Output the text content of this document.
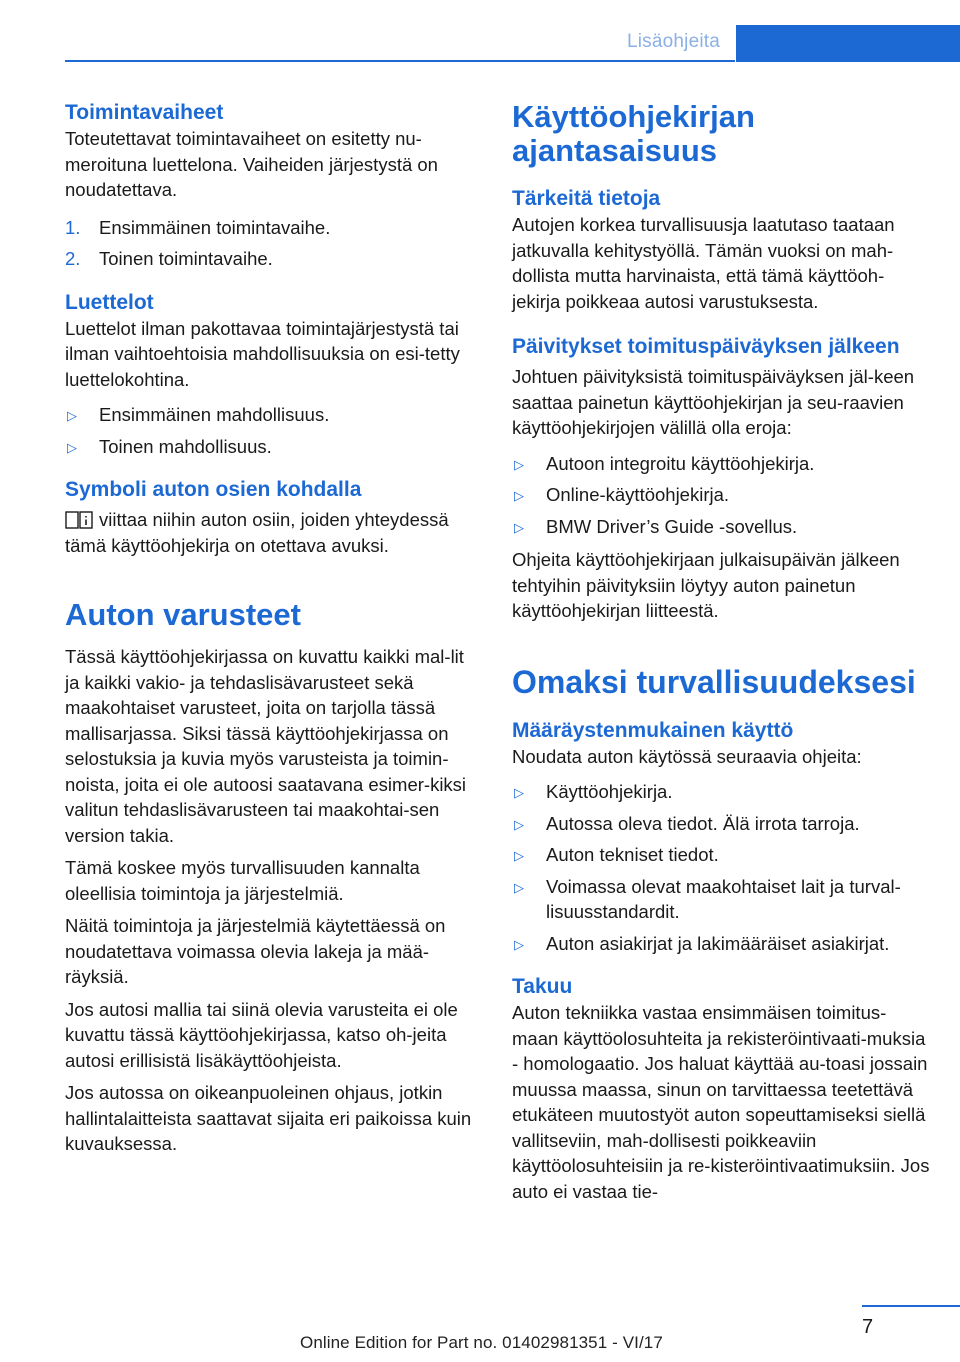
Lisäohjeita
Toimintavaiheet

Toteutettavat toimintavaiheet on esitetty nu-meroituna luettelona. Vaiheiden järjestystä on noudatettava.

1. Ensimmäinen toimintavaihe.
2. Toinen toimintavaihe.
Luettelot

Luettelot ilman pakottavaa toimintajärjestystä tai ilman vaihtoehtoisia mahdollisuuksia on esi-tetty luettelokohtina.

▷ Ensimmäinen mahdollisuus.
▷ Toinen mahdollisuus.
Symboli auton osien kohdalla

viittaa niihin auton osiin, joiden yhteydessä tämä käyttöohjekirja on otettava avuksi.

Auton varusteet

Tässä käyttöohjekirjassa on kuvattu kaikki mal-lit ja kaikki vakio- ja tehdaslisävarusteet sekä maakohtaiset varusteet, joita on tarjolla tässä mallisarjassa. Siksi tässä käyttöohjekirjassa on selostuksia ja kuvia myös varusteista ja toimin-noista, joita ei ole autoosi saatavana esimer-kiksi valitun tehdaslisävarusteen tai maakohtai-sen version takia.

Tämä koskee myös turvallisuuden kannalta oleellisia toimintoja ja järjestelmiä.

Näitä toimintoja ja järjestelmiä käytettäessä on noudatettava voimassa olevia lakeja ja mää-räyksiä.

Jos autosi mallia tai siinä olevia varusteita ei ole kuvattu tässä käyttöohjekirjassa, katso oh-jeita autosi erillisistä lisäkäyttöohjeista.

Jos autossa on oikeanpuoleinen ohjaus, jotkin hallintalaitteista saattavat sijaita eri paikoissa kuin kuvauksessa.

Käyttöohjekirjan ajantasaisuus
Tärkeitä tietoja

Autojen korkea turvallisuusja laatutaso taataan jatkuvalla kehitystyöllä. Tämän vuoksi on mah-dollista mutta harvinaista, että tämä käyttöoh-jekirja poikkeaa autosi varustuksesta.

Päivitykset toimituspäiväyksen jälkeen

Johtuen päivityksistä toimituspäiväyksen jäl-keen saattaa painetun käyttöohjekirjan ja seu-raavien käyttöohjekirjojen välillä olla eroja:

▷ Autoon integroitu käyttöohjekirja.
▷ Online-käyttöohjekirja.
▷ BMW Driver’s Guide -sovellus.

Ohjeita käyttöohjekirjaan julkaisupäivän jälkeen tehtyihin päivityksiin löytyy auton painetun käyttöohjekirjan liitteestä.

Omaksi turvallisuudeksesi
Määräystenmukainen käyttö

Noudata auton käytössä seuraavia ohjeita:

▷ Käyttöohjekirja.
▷ Autossa oleva tiedot. Älä irrota tarroja.
▷ Auton tekniset tiedot.
▷ Voimassa olevat maakohtaiset lait ja turval-lisuusstandardit.
▷ Auton asiakirjat ja lakimääräiset asiakirjat.
Takuu

Auton tekniikka vastaa ensimmäisen toimitus-maan käyttöolosuhteita ja rekisteröintivaati-muksia - homologaatio. Jos haluat käyttää au-toasi jossain muussa maassa, sinun on tarvittaessa teetettävä etukäteen muutostyöt auton sopeuttamiseksi siellä vallitseviin, mah-dollisesti poikkeaviin käyttöolosuhteisiin ja re-kisteröintivaatimuksiin. Jos auto ei vastaa tie-

7
Online Edition for Part no. 01402981351 - VI/17
